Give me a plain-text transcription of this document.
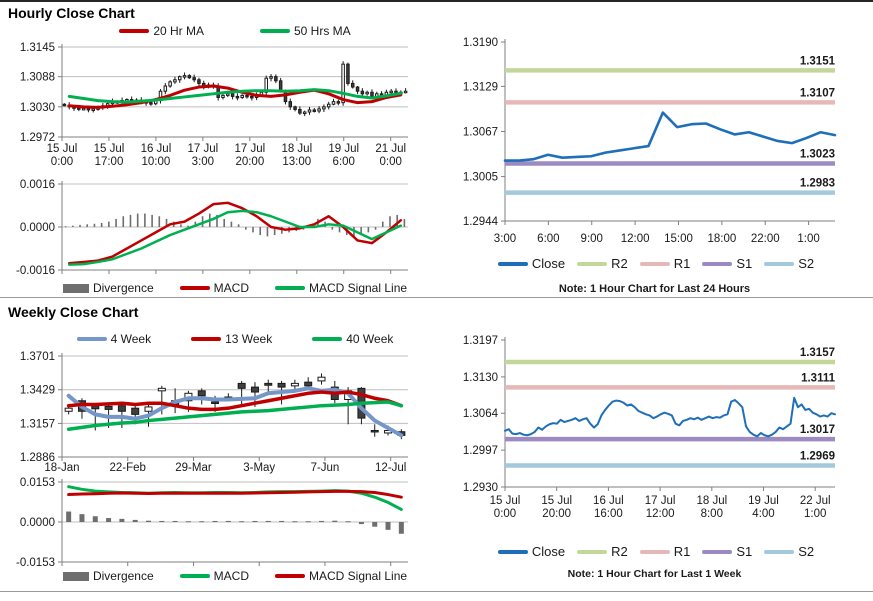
Hourly Close Chart
20 Hr MA	50 Hrs MA
1.3145
1.3088
1.3030
1.2972
15 Jul 0:00
15 Jul 17:00
16 Jul 10:00
17 Jul 3:00
17 Jul 20:00
18 Jul 13:00
19 Jul 6:00
21 Jul 0:00
0.0016
0.0000
-0.0016
Divergence	MACD	MACD Signal Line
1.3190
1.3129
1.3067
1.3005
1.2944
3:00 6:00 9:00 12:00 15:00 18:00 22:00 1:00
1.3151
1.3107
1.3023
1.2983
Close	R2	R1	S1	S2
Note: 1 Hour Chart for Last 24 Hours
Weekly Close Chart
4 Week	13 Week	40 Week
1.3701
1.3429
1.3157
1.2886
18-Jan	22-Feb	29-Mar	3-May	7-Jun	12-Jul
0.0153
0.0000
-0.0153
Divergence	MACD	MACD Signal Line
1.3197
1.3130
1.3064
1.2997
1.2930
15 Jul 0:00
15 Jul 20:00
16 Jul 16:00
17 Jul 12:00
18 Jul 8:00
19 Jul 4:00
22 Jul 1:00
1.3157
1.3111
1.3017
1.2969
Close	R2	R1	S1	S2
Note: 1 Hour Chart for Last 1 Week
